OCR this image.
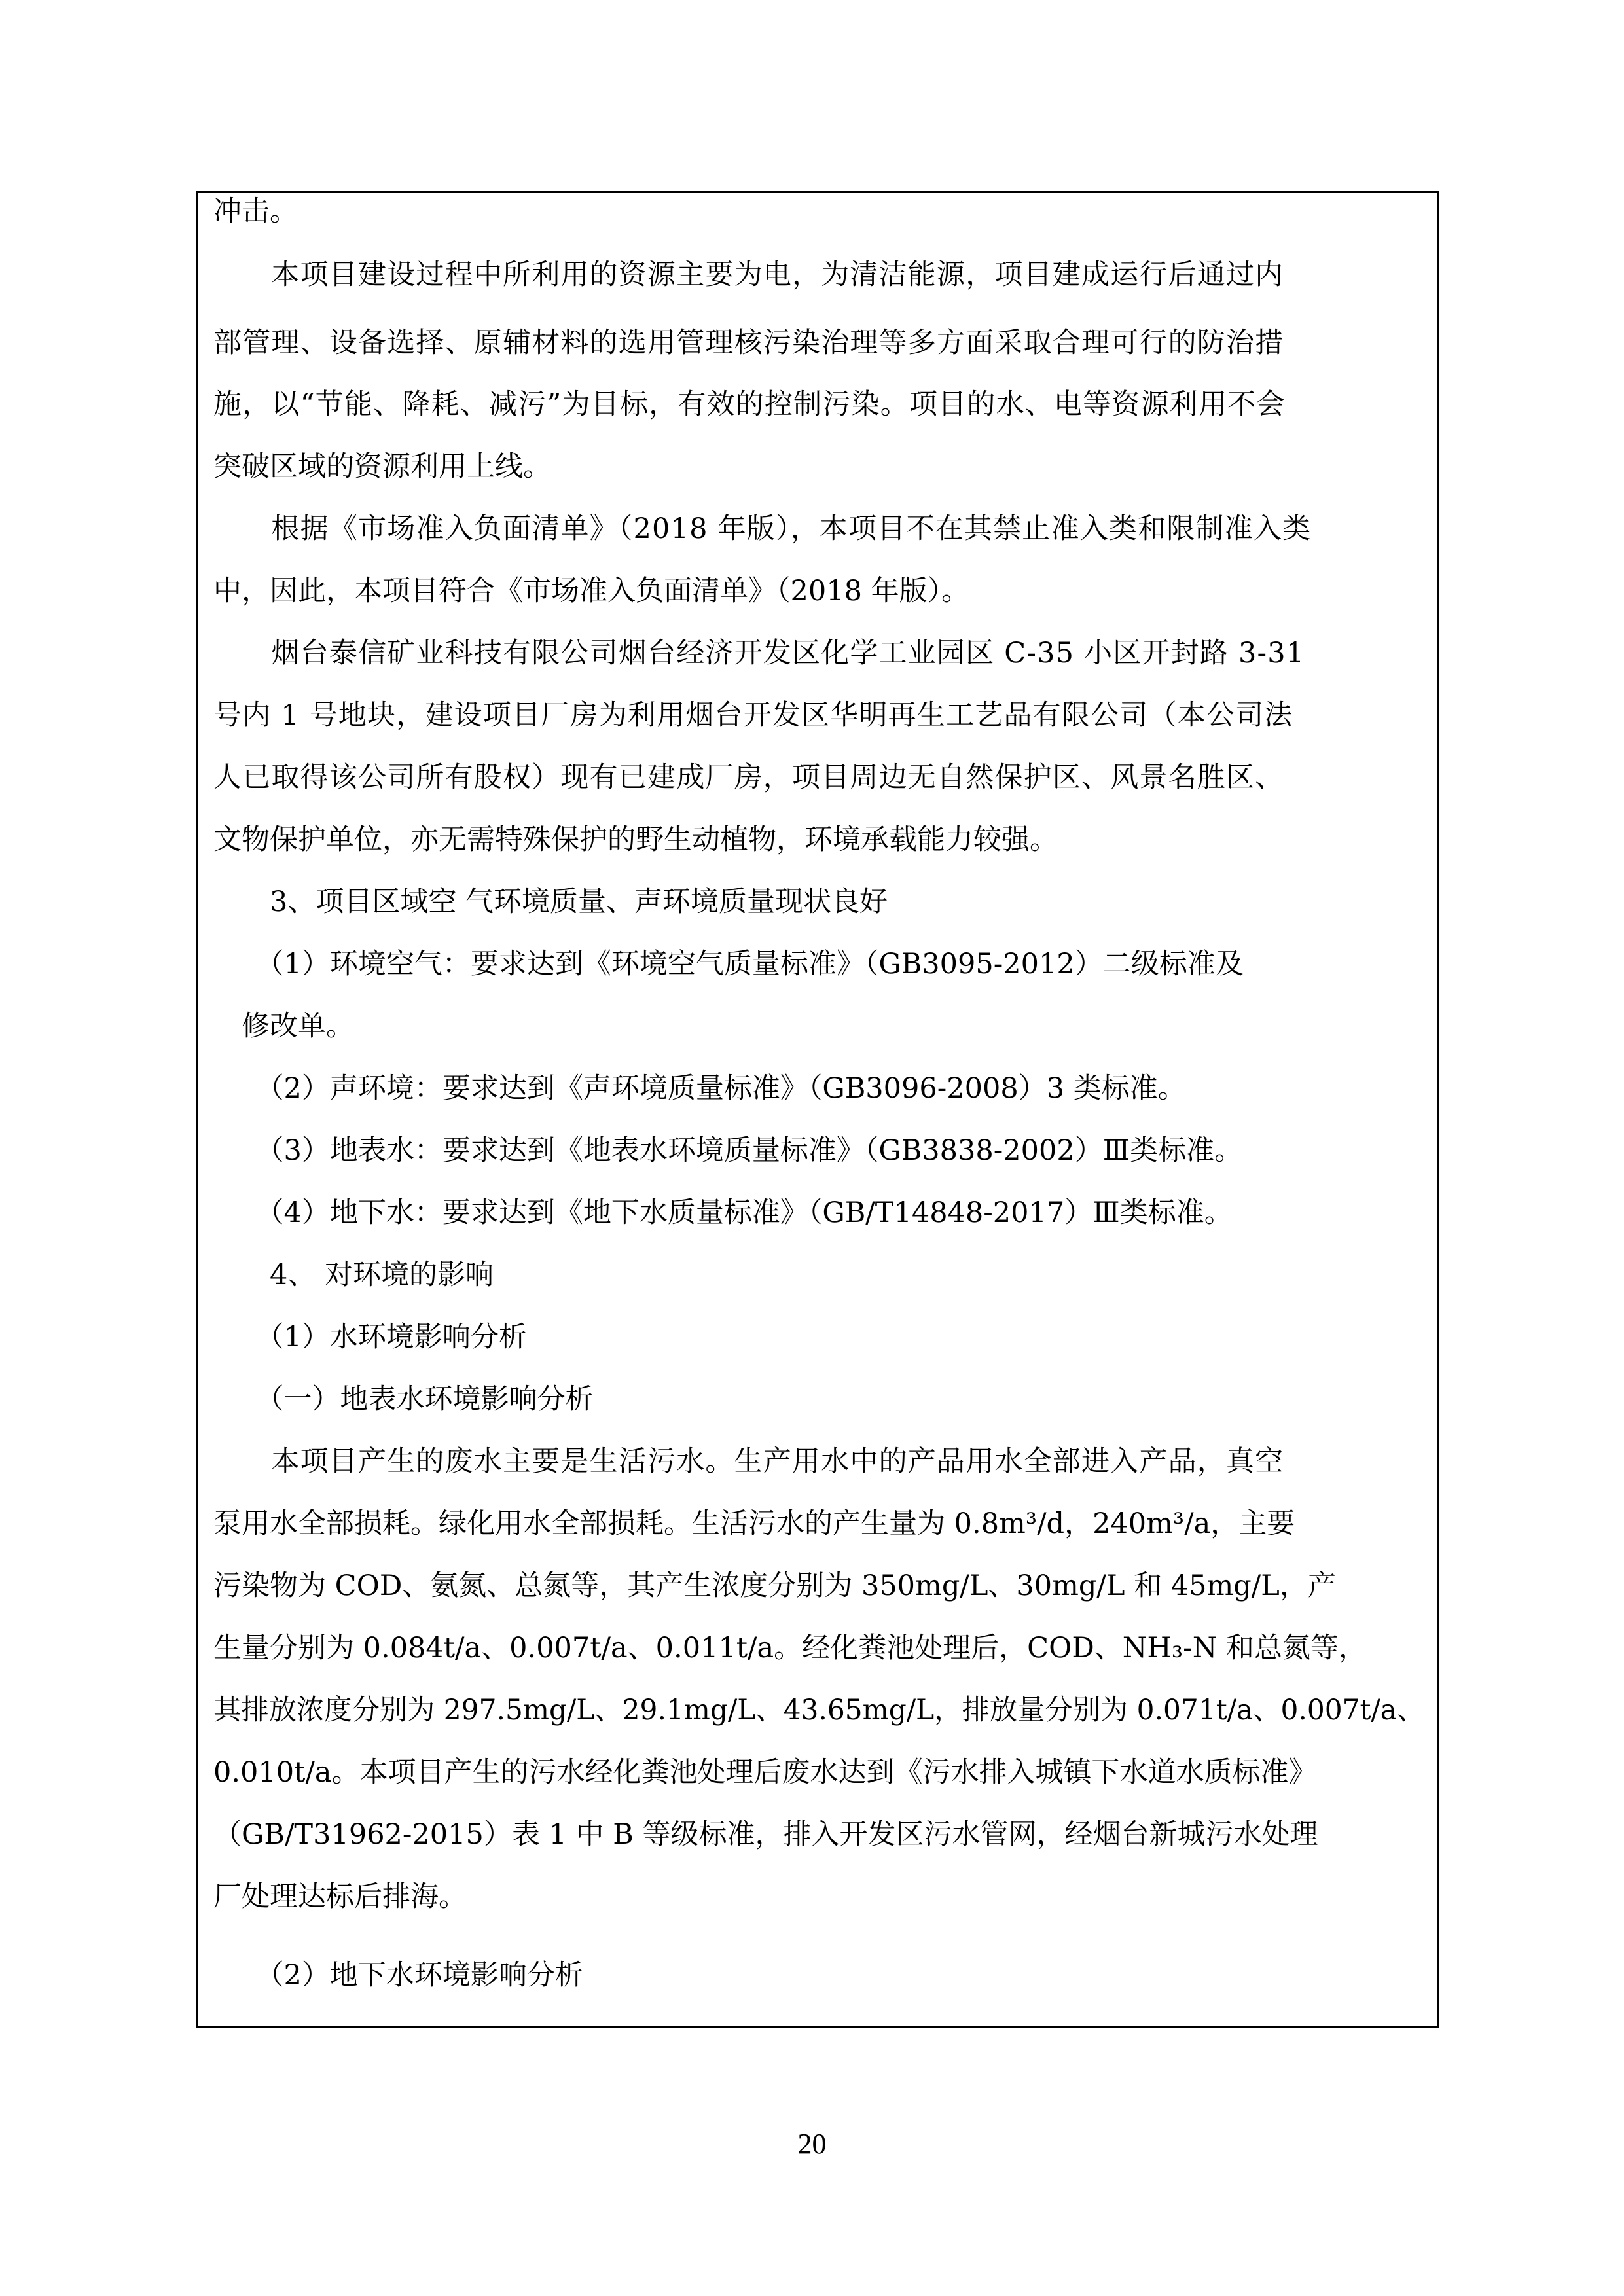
冲击。
　　本项目建设过程中所利用的资源主要为电，为清洁能源，项目建成运行后通过内
部管理、设备选择、原辅材料的选用管理核污染治理等多方面采取合理可行的防治措
施，以“节能、降耗、减污”为目标，有效的控制污染。项目的水、电等资源利用不会
突破区域的资源利用上线。
　　根据《市场准入负面清单》（2018 年版），本项目不在其禁止准入类和限制准入类
中，因此，本项目符合《市场准入负面清单》（2018 年版）。
　　烟台泰信矿业科技有限公司烟台经济开发区化学工业园区 C-35 小区开封路 3-31
号内 1 号地块，建设项目厂房为利用烟台开发区华明再生工艺品有限公司（本公司法
人已取得该公司所有股权）现有已建成厂房，项目周边无自然保护区、风景名胜区、
文物保护单位，亦无需特殊保护的野生动植物，环境承载能力较强。
　　3、项目区域空 气环境质量、声环境质量现状良好
　　（1）环境空气：要求达到《环境空气质量标准》（GB3095-2012）二级标准及
　修改单。
　　（2）声环境：要求达到《声环境质量标准》（GB3096-2008）3 类标准。
　　（3）地表水：要求达到《地表水环境质量标准》（GB3838-2002）Ⅲ类标准。
　　（4）地下水：要求达到《地下水质量标准》（GB/T14848-2017）Ⅲ类标准。
　　4、 对环境的影响
　　（1）水环境影响分析
　　（一）地表水环境影响分析
　　本项目产生的废水主要是生活污水。生产用水中的产品用水全部进入产品，真空
泵用水全部损耗。绿化用水全部损耗。生活污水的产生量为 0.8m³/d，240m³/a，主要
污染物为 COD、氨氮、总氮等，其产生浓度分别为 350mg/L、30mg/L 和 45mg/L，产
生量分别为 0.084t/a、0.007t/a、0.011t/a。经化粪池处理后，COD、NH₃-N 和总氮等，
其排放浓度分别为 297.5mg/L、29.1mg/L、43.65mg/L，排放量分别为 0.071t/a、0.007t/a、
0.010t/a。本项目产生的污水经化粪池处理后废水达到《污水排入城镇下水道水质标准》
（GB/T31962-2015）表 1 中 B 等级标准，排入开发区污水管网，经烟台新城污水处理
厂处理达标后排海。
　　（2）地下水环境影响分析
20
